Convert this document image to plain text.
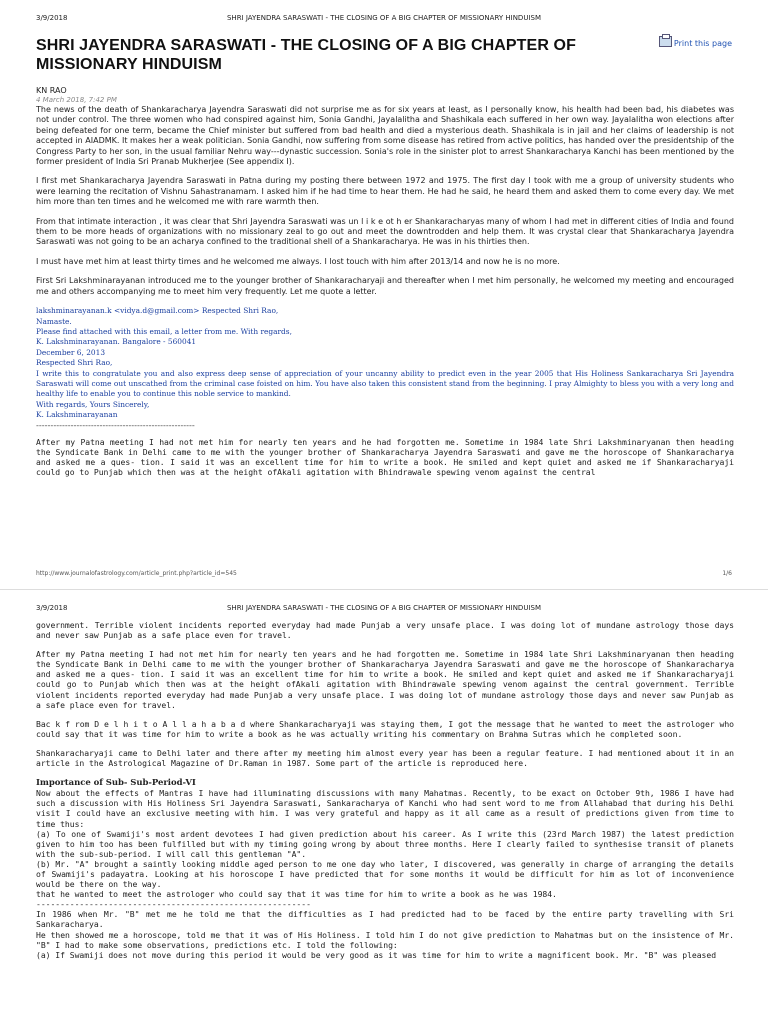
3/9/2018	SHRI JAYENDRA SARASWATI - THE CLOSING OF A BIG CHAPTER OF MISSIONARY HINDUISM
SHRI JAYENDRA SARASWATI - THE CLOSING OF A BIG CHAPTER OF MISSIONARY HINDUISM
Print this page
KN RAO
4 March 2018, 7:42 PM

The news of the death of Shankaracharya Jayendra Saraswati did not surprise me as for six years at least, as I personally know, his health had been bad, his diabetes was not under control. The three women who had conspired against him, Sonia Gandhi, Jayalalitha and Shashikala each suffered in her own way. Jayalalitha won elections after being defeated for one term, became the Chief minister but suffered from bad health and died a mysterious death. Shashikala is in jail and her claims of leadership is not accepted in AIADMK. It makes her a weak politician. Sonia Gandhi, now suffering from some disease has retired from active politics, has handed over the presidentship of the Congress Party to her son, in the usual familiar Nehru way---dynastic succession. Sonia's role in the sinister plot to arrest Shankaracharya Kanchi has been mentioned by the former president of India Sri Pranab Mukherjee (See appendix I).

I first met Shankaracharya Jayendra Saraswati in Patna during my posting there between 1972 and 1975. The first day I took with me a group of university students who were learning the recitation of Vishnu Sahastranamam. I asked him if he had time to hear them. He had he said, he heard them and asked them to come every day. We met him more than ten times and he welcomed me with rare warmth then.

From that intimate interaction , it was clear that Shri Jayendra Saraswati was un l i k e ot h er Shankaracharyas many of whom I had met in different cities of India and found them to be more heads of organizations with no missionary zeal to go out and meet the downtrodden and help them. It was crystal clear that Shankaracharya Jayendra Saraswati was not going to be an acharya confined to the traditional shell of a Shankaracharya. He was in his thirties then.

I must have met him at least thirty times and he welcomed me always. I lost touch with him after 2013/14 and now he is no more.

First Sri Lakshminarayanan introduced me to the younger brother of Shankaracharyaji and thereafter when I met him personally, he welcomed my meeting and encouraged me and others accompanying me to meet him very frequently. Let me quote a letter.

lakshminarayanan.k <vidya.d@gmail.com> Respected Shri Rao,
Namaste.
Please find attached with this email, a letter from me. With regards,
K. Lakshminarayanan. Bangalore - 560041
December 6, 2013
Respected Shri Rao,
I write this to congratulate you and also express deep sense of appreciation of your uncanny ability to predict even in the year 2005 that His Holiness Sankaracharya Sri Jayendra Saraswati will come out unscathed from the criminal case foisted on him. You have also taken this consistent stand from the beginning. I pray Almighty to bless you with a very long and healthy life to enable you to continue this noble service to mankind.
With regards, Yours Sincerely,
K. Lakshminarayanan
-------------------------------------------------------

After my Patna meeting I had not met him for nearly ten years and he had forgotten me. Sometime in 1984 late Shri Lakshminaryanan then heading the Syndicate Bank in Delhi came to me with the younger brother of Shankaracharya Jayendra Saraswati and gave me the horoscope of Shankaracharya and asked me a ques- tion. I said it was an excellent time for him to write a book. He smiled and kept quiet and asked me if Shankaracharyaji could go to Punjab which then was at the height ofAkali agitation with Bhindrawale spewing venom against the central

http://www.journalofastrology.com/article_print.php?article_id=545	1/6
3/9/2018	SHRI JAYENDRA SARASWATI - THE CLOSING OF A BIG CHAPTER OF MISSIONARY HINDUISM

government. Terrible violent incidents reported everyday had made Punjab a very unsafe place. I was doing lot of mundane astrology those days and never saw Punjab as a safe place even for travel.

After my Patna meeting I had not met him for nearly ten years and he had forgotten me. Sometime in 1984 late Shri Lakshminaryanan then heading the Syndicate Bank in Delhi came to me with the younger brother of Shankaracharya Jayendra Saraswati and gave me the horoscope of Shankaracharya and asked me a ques- tion. I said it was an excellent time for him to write a book. He smiled and kept quiet and asked me if Shankaracharyaji could go to Punjab which then was at the height ofAkali agitation with Bhindrawale spewing venom against the central government. Terrible violent incidents reported everyday had made Punjab a very unsafe place. I was doing lot of mundane astrology those days and never saw Punjab as a safe place even for travel.

Bac k f rom D e l h i t o A l l a h a b a d where Shankaracharyaji was staying them, I got the message that he wanted to meet the astrologer who could say that it was time for him to write a book as he was actually writing his commentary on Brahma Sutras which he completed soon.

Shankaracharyaji came to Delhi later and there after my meeting him almost every year has been a regular feature. I had mentioned about it in an article in the Astrological Magazine of Dr.Raman in 1987. Some part of the article is reproduced here.

Importance of Sub- Sub-Period-VI
Now about the effects of Mantras I have had illuminating discussions with many Mahatmas. Recently, to be exact on October 9th, 1986 I have had such a discussion with His Holiness Sri Jayendra Saraswati, Sankaracharya of Kanchi who had sent word to me from Allahabad that during his Delhi visit I could have an exclusive meeting with him. I was very grateful and happy as it all came as a result of predictions given from time to time thus:
(a) To one of Swamiji's most ardent devotees I had given prediction about his career. As I write this (23rd March 1987) the latest prediction given to him too has been fulfilled but with my timing going wrong by about three months. Here I clearly failed to synthesise transit of planets with the sub-sub-period. I will call this gentleman "A".
(b) Mr. "A" brought a saintly looking middle aged person to me one day who later, I discovered, was generally in charge of arranging the details of Swamiji's padayatra. Looking at his horoscope I have predicted that for some months it would be difficult for him as lot of inconvenience would be there on the way.
that he wanted to meet the astrologer who could say that it was time for him to write a book as he was 1984.
---------------------------------------------------------

In 1986 when Mr. "B" met me he told me that the difficulties as I had predicted had to be faced by the entire party travelling with Sri Sankaracharya.

He then showed me a horoscope, told me that it was of His Holiness. I told him I do not give prediction to Mahatmas but on the insistence of Mr. "B" I had to make some observations, predictions etc. I told the following:

(a) If Swamiji does not move during this period it would be very good as it was time for him to write a magnificent book. Mr. "B" was pleased
